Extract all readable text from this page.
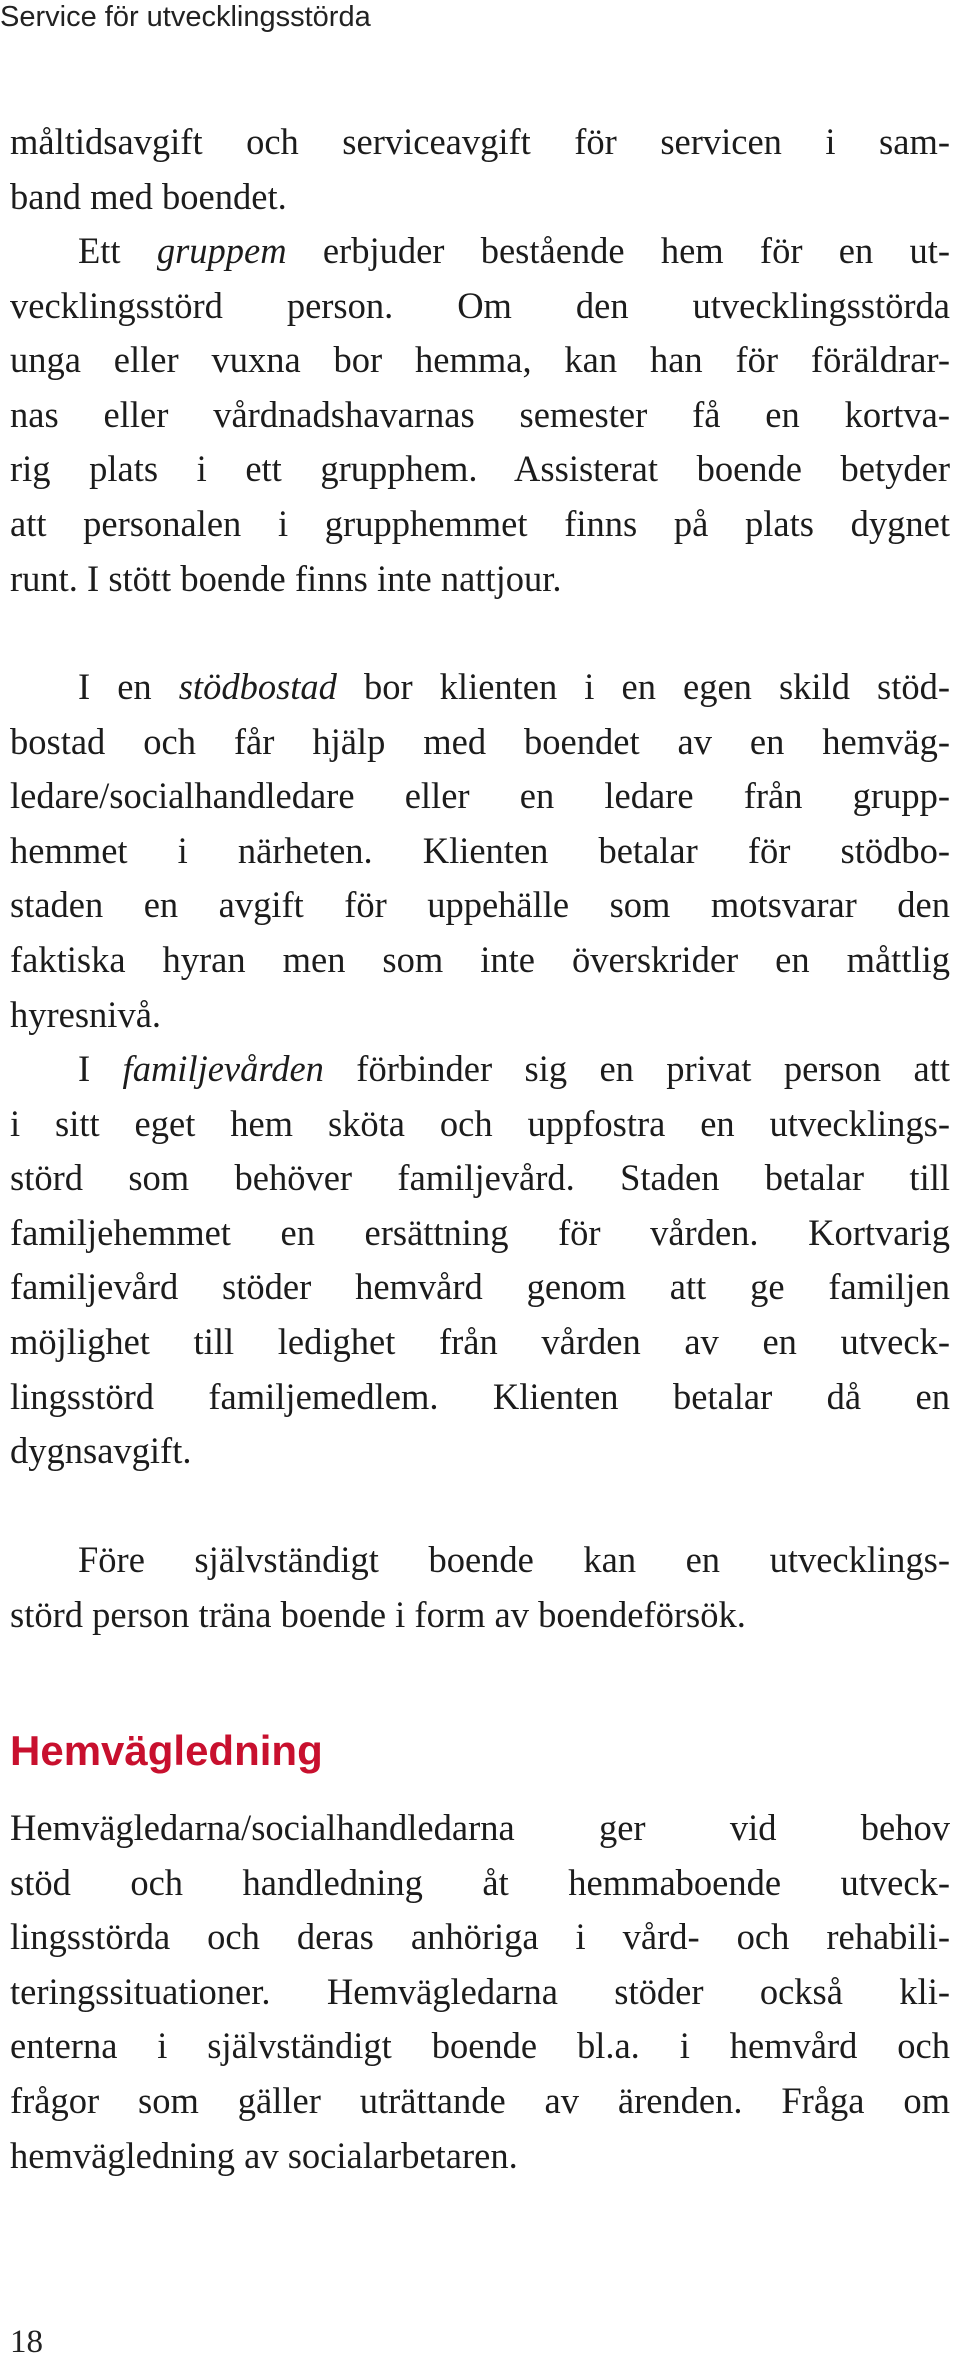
Service för utvecklingsstörda
måltidsavgift och serviceavgift för servicen i sam-
band med boendet.
Ett gruppem erbjuder bestående hem för en ut-
vecklingsstörd person. Om den utvecklingsstörda
unga eller vuxna bor hemma, kan han för föräldrar-
nas eller vårdnadshavarnas semester få en kortva-
rig plats i ett grupphem. Assisterat boende betyder
att personalen i grupphemmet finns på plats dygnet
runt. I stött boende finns inte nattjour.
I en stödbostad bor klienten i en egen skild stöd-
bostad och får hjälp med boendet av en hemväg-
ledare/socialhandledare eller en ledare från grupp-
hemmet i närheten. Klienten betalar för stödbo-
staden en avgift för uppehälle som motsvarar den
faktiska hyran men som inte överskrider en måttlig
hyresnivå.
I familjevården förbinder sig en privat person att
i sitt eget hem sköta och uppfostra en utvecklings-
störd som behöver familjevård. Staden betalar till
familjehemmet en ersättning för vården. Kortvarig
familjevård stöder hemvård genom att ge familjen
möjlighet till ledighet från vården av en utveck-
lingsstörd familjemedlem. Klienten betalar då en
dygnsavgift.
Före självständigt boende kan en utvecklings-
störd person träna boende i form av boendeförsök.
Hemvägledning
Hemvägledarna/socialhandledarna ger vid behov
stöd och handledning åt hemmaboende utveck-
lingsstörda och deras anhöriga i vård- och rehabili-
teringssituationer. Hemvägledarna stöder också kli-
enterna i självständigt boende bl.a. i hemvård och
frågor som gäller uträttande av ärenden. Fråga om
hemvägledning av socialarbetaren.
18
